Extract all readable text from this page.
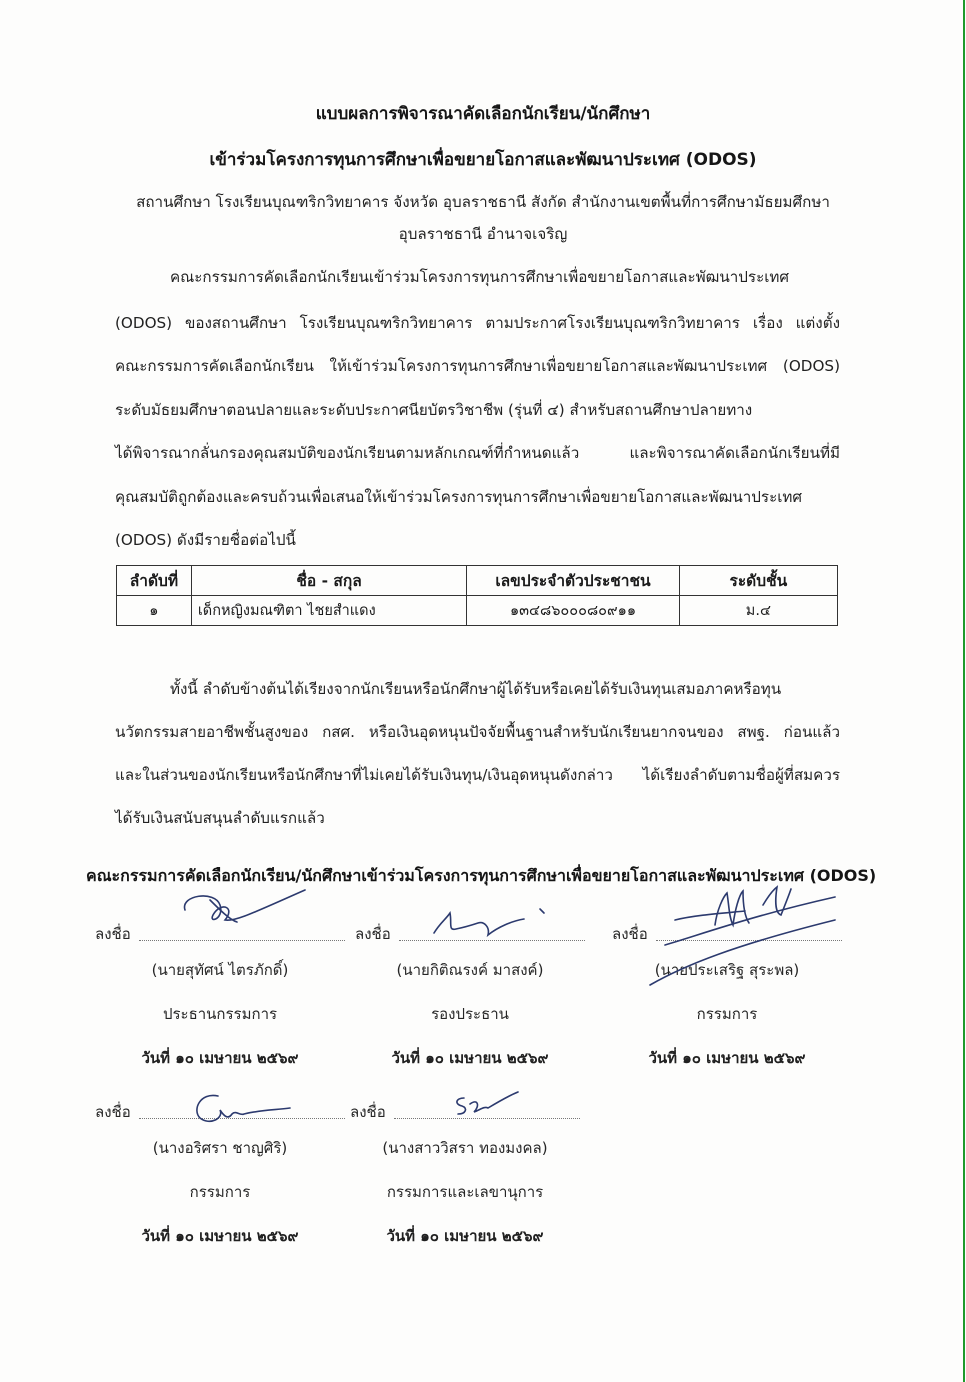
แบบผลการพิจารณาคัดเลือกนักเรียน/นักศึกษา
เข้าร่วมโครงการทุนการศึกษาเพื่อขยายโอกาสและพัฒนาประเทศ (ODOS)
สถานศึกษา โรงเรียนบุณฑริกวิทยาคาร จังหวัด อุบลราชธานี สังกัด สำนักงานเขตพื้นที่การศึกษามัธยมศึกษา
อุบลราชธานี อำนาจเจริญ
คณะกรรมการคัดเลือกนักเรียนเข้าร่วมโครงการทุนการศึกษาเพื่อขยายโอกาสและพัฒนาประเทศ
(ODOS) ของสถานศึกษา โรงเรียนบุณฑริกวิทยาคาร ตามประกาศโรงเรียนบุณฑริกวิทยาคาร เรื่อง แต่งตั้ง
คณะกรรมการคัดเลือกนักเรียน ให้เข้าร่วมโครงการทุนการศึกษาเพื่อขยายโอกาสและพัฒนาประเทศ (ODOS)
ระดับมัธยมศึกษาตอนปลายและระดับประกาศนียบัตรวิชาชีพ (รุ่นที่ ๔) สำหรับสถานศึกษาปลายทาง
ได้พิจารณากลั่นกรองคุณสมบัติของนักเรียนตามหลักเกณฑ์ที่กำหนดแล้ว และพิจารณาคัดเลือกนักเรียนที่มี
คุณสมบัติถูกต้องและครบถ้วนเพื่อเสนอให้เข้าร่วมโครงการทุนการศึกษาเพื่อขยายโอกาสและพัฒนาประเทศ
(ODOS) ดังมีรายชื่อต่อไปนี้
ลำดับที่	ชื่อ - สกุล	เลขประจำตัวประชาชน	ระดับชั้น
๑	เด็กหญิงมณฑิตา ไชยสำแดง	๑๓๔๘๖๐๐๐๘๐๙๑๑	ม.๔
ทั้งนี้ ลำดับข้างต้นได้เรียงจากนักเรียนหรือนักศึกษาผู้ได้รับหรือเคยได้รับเงินทุนเสมอภาคหรือทุน
นวัตกรรมสายอาชีพชั้นสูงของ กสศ. หรือเงินอุดหนุนปัจจัยพื้นฐานสำหรับนักเรียนยากจนของ สพฐ. ก่อนแล้ว
และในส่วนของนักเรียนหรือนักศึกษาที่ไม่เคยได้รับเงินทุน/เงินอุดหนุนดังกล่าว ได้เรียงลำดับตามชื่อผู้ที่สมควร
ได้รับเงินสนับสนุนลำดับแรกแล้ว
คณะกรรมการคัดเลือกนักเรียน/นักศึกษาเข้าร่วมโครงการทุนการศึกษาเพื่อขยายโอกาสและพัฒนาประเทศ (ODOS)
ลงชื่อ
(นายสุทัศน์ ไตรภักดิ์)
ประธานกรรมการ
วันที่ ๑๐ เมษายน ๒๕๖๙
ลงชื่อ
(นายกิติณรงค์ มาสงค์)
รองประธาน
วันที่ ๑๐ เมษายน ๒๕๖๙
ลงชื่อ
(นายประเสริฐ สุระพล)
กรรมการ
วันที่ ๑๐ เมษายน ๒๕๖๙
ลงชื่อ
(นางอริศรา ชาญศิริ)
กรรมการ
วันที่ ๑๐ เมษายน ๒๕๖๙
ลงชื่อ
(นางสาววิสรา ทองมงคล)
กรรมการและเลขานุการ
วันที่ ๑๐ เมษายน ๒๕๖๙
